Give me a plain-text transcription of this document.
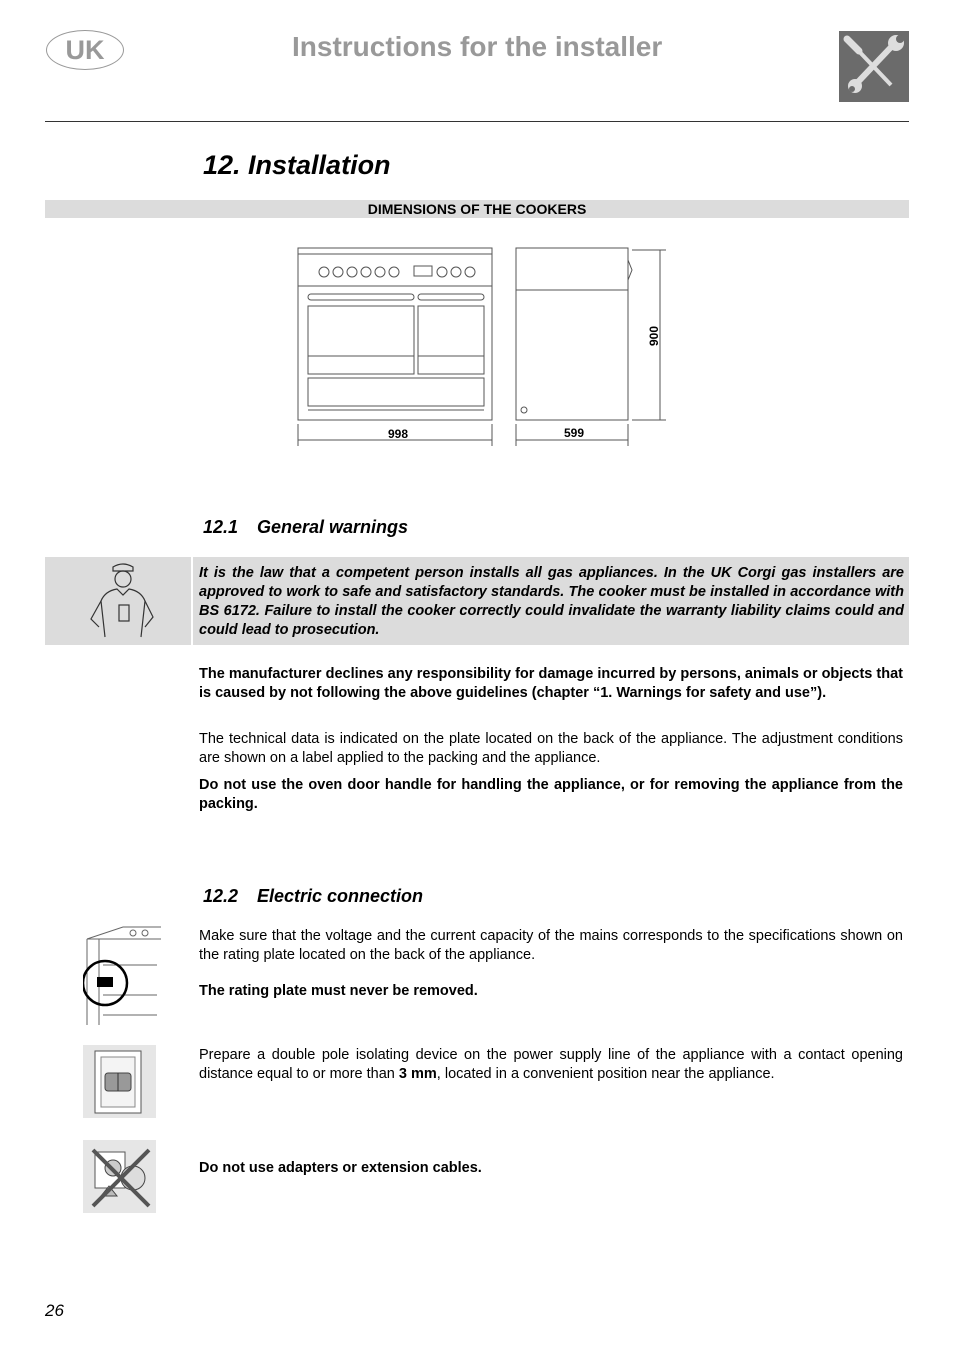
UK	Instructions for the installer
12. Installation
DIMENSIONS OF THE COOKERS
998	599
900
12.1 General warnings
It is the law that a competent person installs all gas appliances. In the UK Corgi gas installers are approved to work to safe and satisfactory standards. The cooker must be installed in accordance with BS 6172. Failure to install the cooker correctly could invalidate the warranty liability claims could and could lead to prosecution.
The manufacturer declines any responsibility for damage incurred by persons, animals or objects that is caused by not following the above guidelines (chapter “1. Warnings for safety and use”).
The technical data is indicated on the plate located on the back of the appliance. The adjustment conditions are shown on a label applied to the packing and the appliance.
Do not use the oven door handle for handling the appliance, or for removing the appliance from the packing.
12.2 Electric connection
Make sure that the voltage and the current capacity of the mains corresponds to the specifications shown on the rating plate located on the back of the appliance.
The rating plate must never be removed.
Prepare a double pole isolating device on the power supply line of the appliance with a contact opening distance equal to or more than 3 mm, located in a convenient position near the appliance.
Do not use adapters or extension cables.
26
